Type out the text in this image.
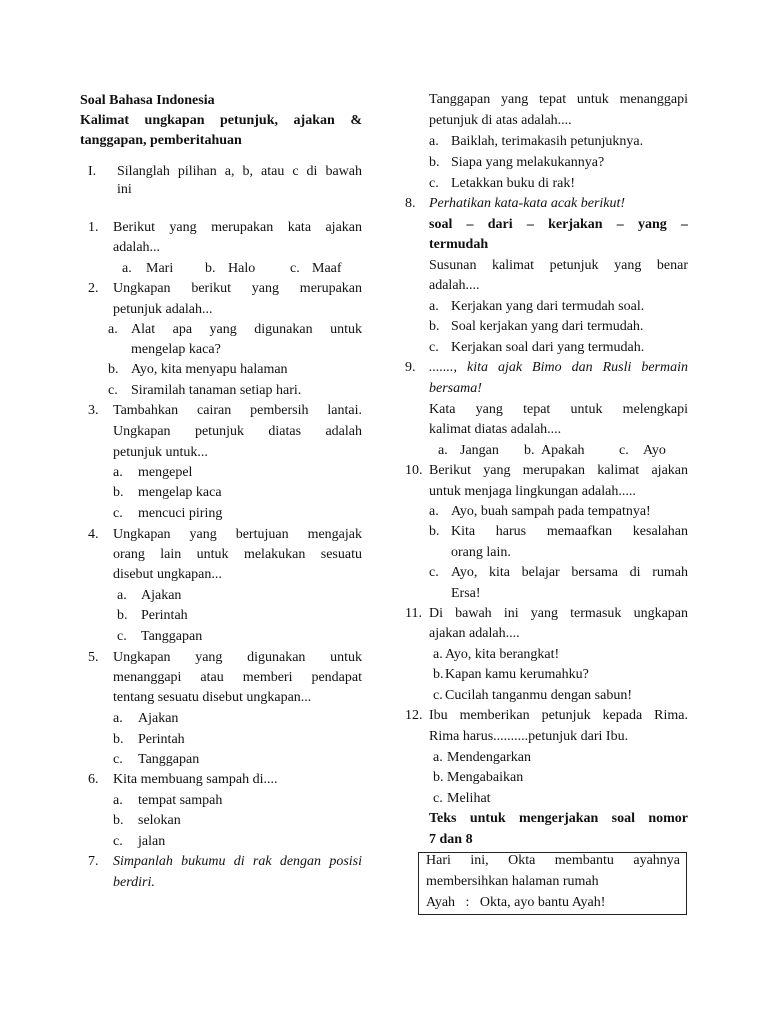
Soal Bahasa Indonesia
Kalimat ungkapan petunjuk, ajakan &
tanggapan, pemberitahuan
I. Silanglah pilihan a, b, atau c di bawah
ini
1. Berikut yang merupakan kata ajakan
adalah...
a. Mari b. Halo c. Maaf
2. Ungkapan berikut yang merupakan
petunjuk adalah...
a. Alat apa yang digunakan untuk
mengelap kaca?
b. Ayo, kita menyapu halaman
c. Siramilah tanaman setiap hari.
3. Tambahkan cairan pembersih lantai.
Ungkapan petunjuk diatas adalah
petunjuk untuk...
a. mengepel
b. mengelap kaca
c. mencuci piring
4. Ungkapan yang bertujuan mengajak
orang lain untuk melakukan sesuatu
disebut ungkapan...
a. Ajakan
b. Perintah
c. Tanggapan
5. Ungkapan yang digunakan untuk
menanggapi atau memberi pendapat
tentang sesuatu disebut ungkapan...
a. Ajakan
b. Perintah
c. Tanggapan
6. Kita membuang sampah di....
a. tempat sampah
b. selokan
c. jalan
7. Simpanlah bukumu di rak dengan posisi
berdiri.
Tanggapan yang tepat untuk menanggapi
petunjuk di atas adalah....
a. Baiklah, terimakasih petunjuknya.
b. Siapa yang melakukannya?
c. Letakkan buku di rak!
8. Perhatikan kata-kata acak berikut!
soal – dari – kerjakan – yang –
termudah
Susunan kalimat petunjuk yang benar
adalah....
a. Kerjakan yang dari termudah soal.
b. Soal kerjakan yang dari termudah.
c. Kerjakan soal dari yang termudah.
9. ......., kita ajak Bimo dan Rusli bermain
bersama!
Kata yang tepat untuk melengkapi
kalimat diatas adalah....
a. Jangan b. Apakah c. Ayo
10. Berikut yang merupakan kalimat ajakan
untuk menjaga lingkungan adalah.....
a. Ayo, buah sampah pada tempatnya!
b. Kita harus memaafkan kesalahan
orang lain.
c. Ayo, kita belajar bersama di rumah
Ersa!
11. Di bawah ini yang termasuk ungkapan
ajakan adalah....
a. Ayo, kita berangkat!
b. Kapan kamu kerumahku?
c. Cucilah tanganmu dengan sabun!
12. Ibu memberikan petunjuk kepada Rima.
Rima harus..........petunjuk dari Ibu.
a. Mendengarkan
b. Mengabaikan
c. Melihat
Teks untuk mengerjakan soal nomor
7 dan 8
Hari ini, Okta membantu ayahnya
membersihkan halaman rumah
Ayah   :   Okta, ayo bantu Ayah!
